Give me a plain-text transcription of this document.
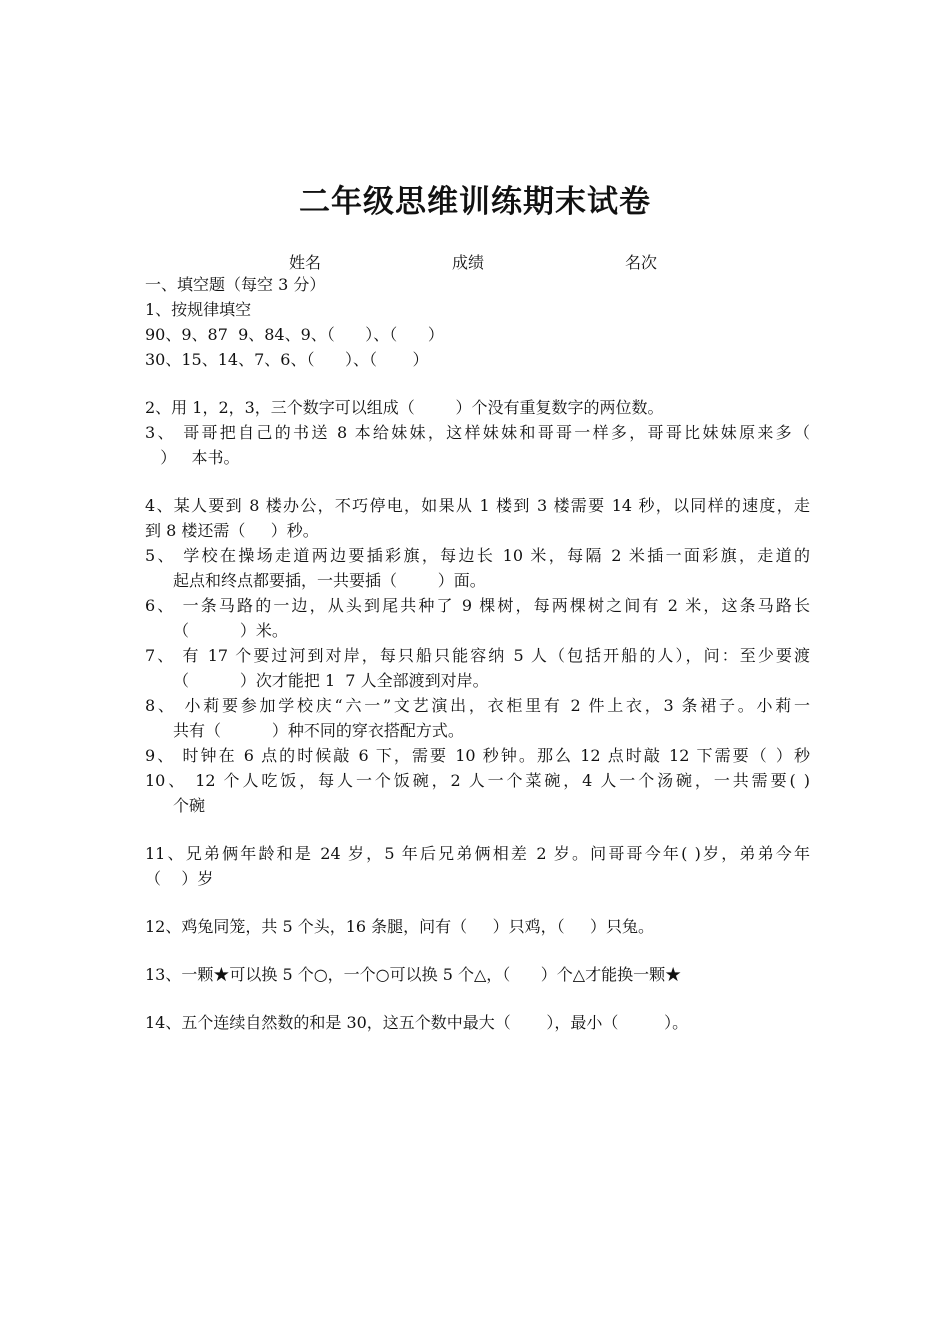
二年级思维训练期末试卷
姓名	成绩	名次
一、填空题（每空 3 分）
1、按规律填空
90、9、87  9、84、9、（      ）、（      ）
30、15、14、7、6、（      ）、（       ）
2、用 1，2，3，三个数字可以组成（        ）个没有重复数字的两位数。
3、 哥哥把自己的书送 8 本给妹妹，这样妹妹和哥哥一样多，哥哥比妹妹原来多（
）   本书。
4、某人要到 8 楼办公，不巧停电，如果从 1 楼到 3 楼需要 14 秒，以同样的速度，走
到 8 楼还需（     ）秒。
5、 学校在操场走道两边要插彩旗，每边长 10 米，每隔 2 米插一面彩旗，走道的
起点和终点都要插，一共要插（        ）面。
6、 一条马路的一边，从头到尾共种了 9 棵树，每两棵树之间有 2 米，这条马路长
（          ）米。
7、 有 17 个要过河到对岸，每只船只能容纳 5 人（包括开船的人），问：至少要渡
（          ）次才能把 1  7 人全部渡到对岸。
8、 小莉要参加学校庆“六一”文艺演出，衣柜里有 2 件上衣，3 条裙子。小莉一
共有（          ）种不同的穿衣搭配方式。
9、 时钟在 6 点的时候敲 6 下，需要 10 秒钟。那么 12 点时敲 12 下需要（ ）秒
10、 12 个人吃饭，每人一个饭碗，2 人一个菜碗，4 人一个汤碗，一共需要( )
个碗
11、兄弟俩年龄和是 24 岁，5 年后兄弟俩相差 2 岁。问哥哥今年( )岁，弟弟今年
（    ）岁
12、鸡兔同笼，共 5 个头，16 条腿，问有（     ）只鸡，（     ）只兔。
13、一颗★可以换 5 个○，一个○可以换 5 个△，（      ）个△才能换一颗★
14、五个连续自然数的和是 30，这五个数中最大（       ），最小（         ）。
